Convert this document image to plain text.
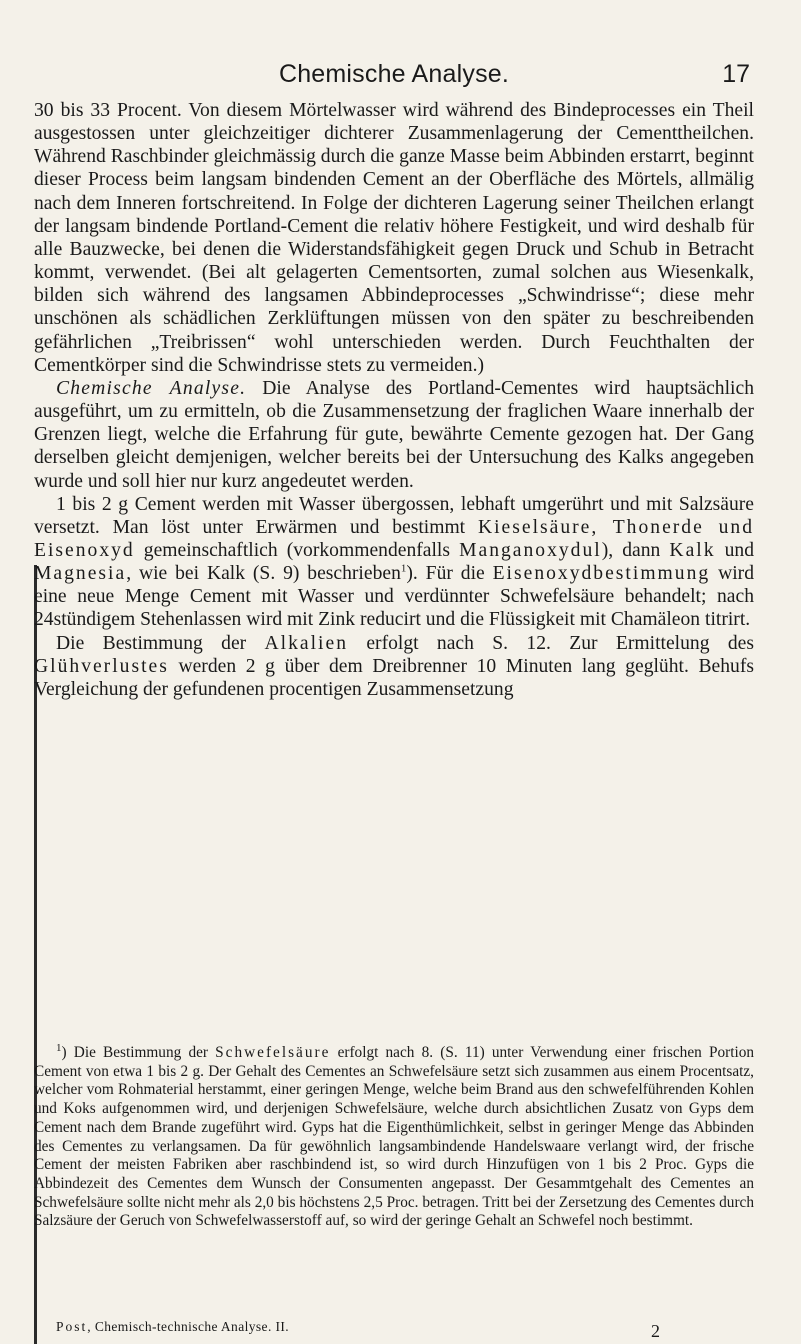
Chemische Analyse.	17

30 bis 33 Procent. Von diesem Mörtelwasser wird während des Bindeprocesses ein Theil ausgestossen unter gleichzeitiger dichterer Zusammenlagerung der Cementtheilchen. Während Raschbinder gleichmässig durch die ganze Masse beim Abbinden erstarrt, beginnt dieser Process beim langsam bindenden Cement an der Oberfläche des Mörtels, allmälig nach dem Inneren fortschreitend. In Folge der dichteren Lagerung seiner Theilchen erlangt der langsam bindende Portland-Cement die relativ höhere Festigkeit, und wird deshalb für alle Bauzwecke, bei denen die Widerstandsfähigkeit gegen Druck und Schub in Betracht kommt, verwendet. (Bei alt gelagerten Cementsorten, zumal solchen aus Wiesenkalk, bilden sich während des langsamen Abbindeprocesses „Schwindrisse“; diese mehr unschönen als schädlichen Zerklüftungen müssen von den später zu beschreibenden gefährlichen „Treibrissen“ wohl unterschieden werden. Durch Feuchthalten der Cementkörper sind die Schwindrisse stets zu vermeiden.)

Chemische Analyse. Die Analyse des Portland-Cementes wird hauptsächlich ausgeführt, um zu ermitteln, ob die Zusammensetzung der fraglichen Waare innerhalb der Grenzen liegt, welche die Erfahrung für gute, bewährte Cemente gezogen hat. Der Gang derselben gleicht demjenigen, welcher bereits bei der Untersuchung des Kalks angegeben wurde und soll hier nur kurz angedeutet werden.

1 bis 2 g Cement werden mit Wasser übergossen, lebhaft umgerührt und mit Salzsäure versetzt. Man löst unter Erwärmen und bestimmt Kieselsäure, Thonerde und Eisenoxyd gemeinschaftlich (vorkommendenfalls Manganoxydul), dann Kalk und Magnesia, wie bei Kalk (S. 9) beschrieben$^1$). Für die Eisenoxydbestimmung wird eine neue Menge Cement mit Wasser und verdünnter Schwefelsäure behandelt; nach 24stündigem Stehenlassen wird mit Zink reducirt und die Flüssigkeit mit Chamäleon titrirt.

Die Bestimmung der Alkalien erfolgt nach S. 12. Zur Ermittelung des Glühverlustes werden 2 g über dem Dreibrenner 10 Minuten lang geglüht. Behufs Vergleichung der gefundenen procentigen Zusammensetzung

$^1$) Die Bestimmung der Schwefelsäure erfolgt nach 8. (S. 11) unter Verwendung einer frischen Portion Cement von etwa 1 bis 2 g. Der Gehalt des Cementes an Schwefelsäure setzt sich zusammen aus einem Procentsatz, welcher vom Rohmaterial herstammt, einer geringen Menge, welche beim Brand aus den schwefelführenden Kohlen und Koks aufgenommen wird, und derjenigen Schwefelsäure, welche durch absichtlichen Zusatz von Gyps dem Cement nach dem Brande zugeführt wird. Gyps hat die Eigenthümlichkeit, selbst in geringer Menge das Abbinden des Cementes zu verlangsamen. Da für gewöhnlich langsambindende Handelswaare verlangt wird, der frische Cement der meisten Fabriken aber raschbindend ist, so wird durch Hinzufügen von 1 bis 2 Proc. Gyps die Abbindezeit des Cementes dem Wunsch der Consumenten angepasst. Der Gesammtgehalt des Cementes an Schwefelsäure sollte nicht mehr als 2,0 bis höchstens 2,5 Proc. betragen. Tritt bei der Zersetzung des Cementes durch Salzsäure der Geruch von Schwefelwasserstoff auf, so wird der geringe Gehalt an Schwefel noch bestimmt.

Post, Chemisch-technische Analyse. II.	2
